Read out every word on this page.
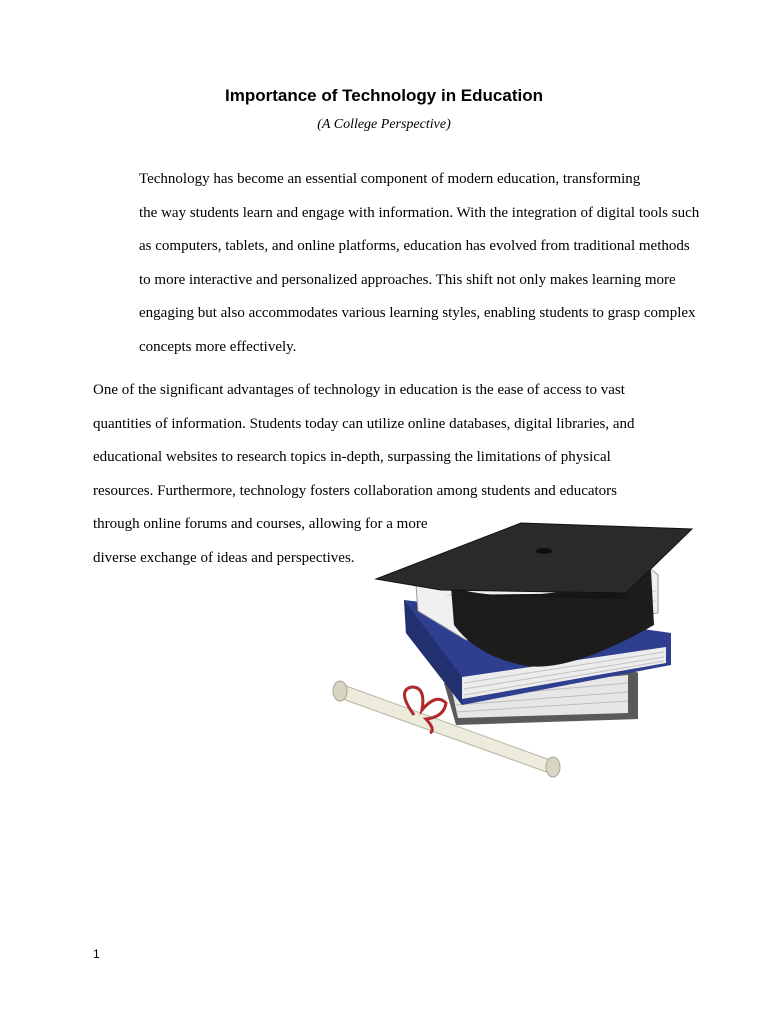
Importance of Technology in Education
(A College Perspective)

Technology has become an essential component of modern education, transforming
the way students learn and engage with information. With the integration of digital tools such
as computers, tablets, and online platforms, education has evolved from traditional methods
to more interactive and personalized approaches. This shift not only makes learning more
engaging but also accommodates various learning styles, enabling students to grasp complex
concepts more effectively.

One of the significant advantages of technology in education is the ease of access to vast
quantities of information. Students today can utilize online databases, digital libraries, and
educational websites to research topics in-depth, surpassing the limitations of physical
resources. Furthermore, technology fosters collaboration among students and educators
through online forums and courses, allowing for a more
diverse exchange of ideas and perspectives.

1
